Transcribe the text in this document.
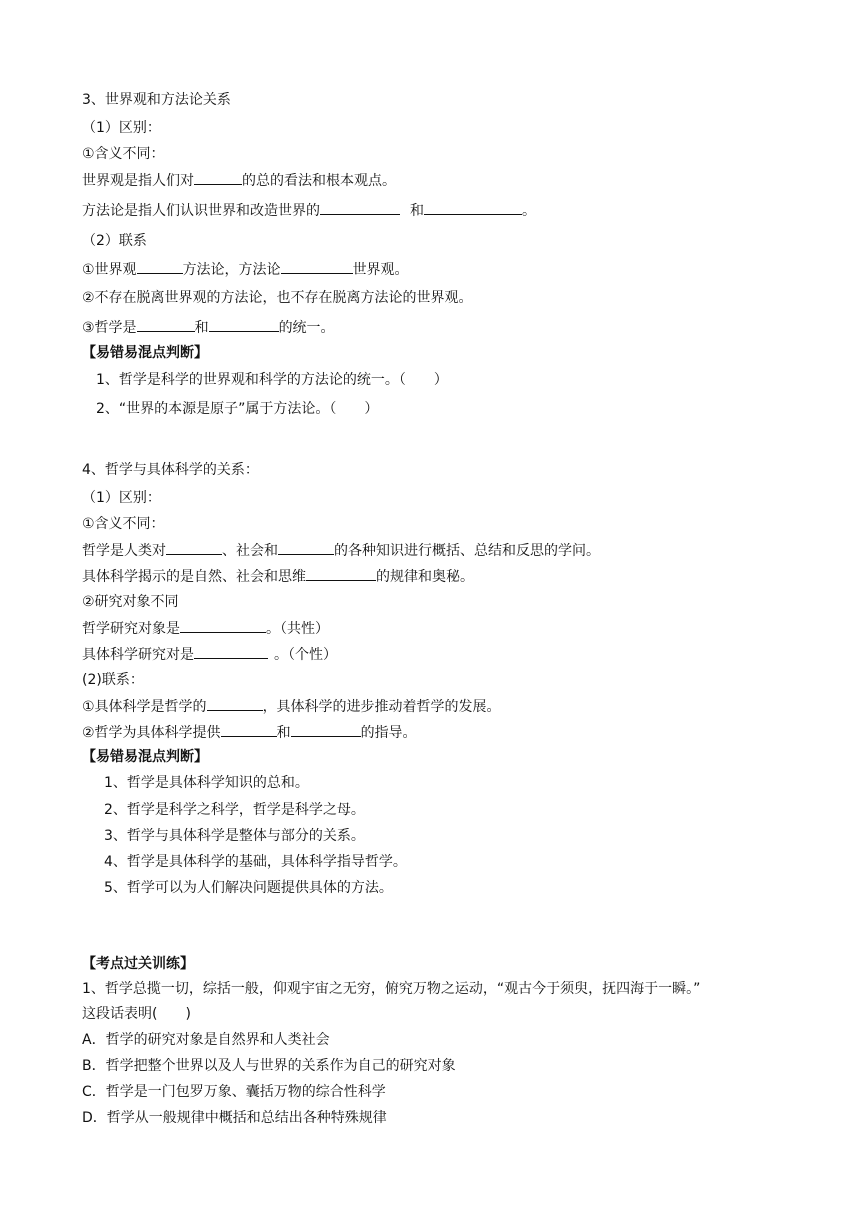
3、世界观和方法论关系
（1）区别：
①含义不同：
世界观是指人们对	的总的看法和根本观点。
方法论是指人们认识世界和改造世界的	和	。
（2）联系
①世界观	方法论，方法论	世界观。
②不存在脱离世界观的方法论，也不存在脱离方法论的世界观。
③哲学是	和	的统一。
【易错易混点判断】
1、哲学是科学的世界观和科学的方法论的统一。（　　）
2、“世界的本源是原子”属于方法论。（　　）
4、哲学与具体科学的关系：
（1）区别：
①含义不同：
哲学是人类对	、社会和	的各种知识进行概括、总结和反思的学问。
具体科学揭示的是自然、社会和思维	的规律和奥秘。
②研究对象不同
哲学研究对象是	。（共性）
具体科学研究对是	。（个性）
(2)联系：
①具体科学是哲学的	，具体科学的进步推动着哲学的发展。
②哲学为具体科学提供	和	的指导。
【易错易混点判断】
1、哲学是具体科学知识的总和。
2、哲学是科学之科学，哲学是科学之母。
3、哲学与具体科学是整体与部分的关系。
4、哲学是具体科学的基础，具体科学指导哲学。
5、哲学可以为人们解决问题提供具体的方法。
【考点过关训练】
1、哲学总揽一切，综括一般，仰观宇宙之无穷，俯究万物之运动，“观古今于须臾，抚四海于一瞬。”
这段话表明(　　)
A．哲学的研究对象是自然界和人类社会
B．哲学把整个世界以及人与世界的关系作为自己的研究对象
C．哲学是一门包罗万象、囊括万物的综合性科学
D．哲学从一般规律中概括和总结出各种特殊规律
